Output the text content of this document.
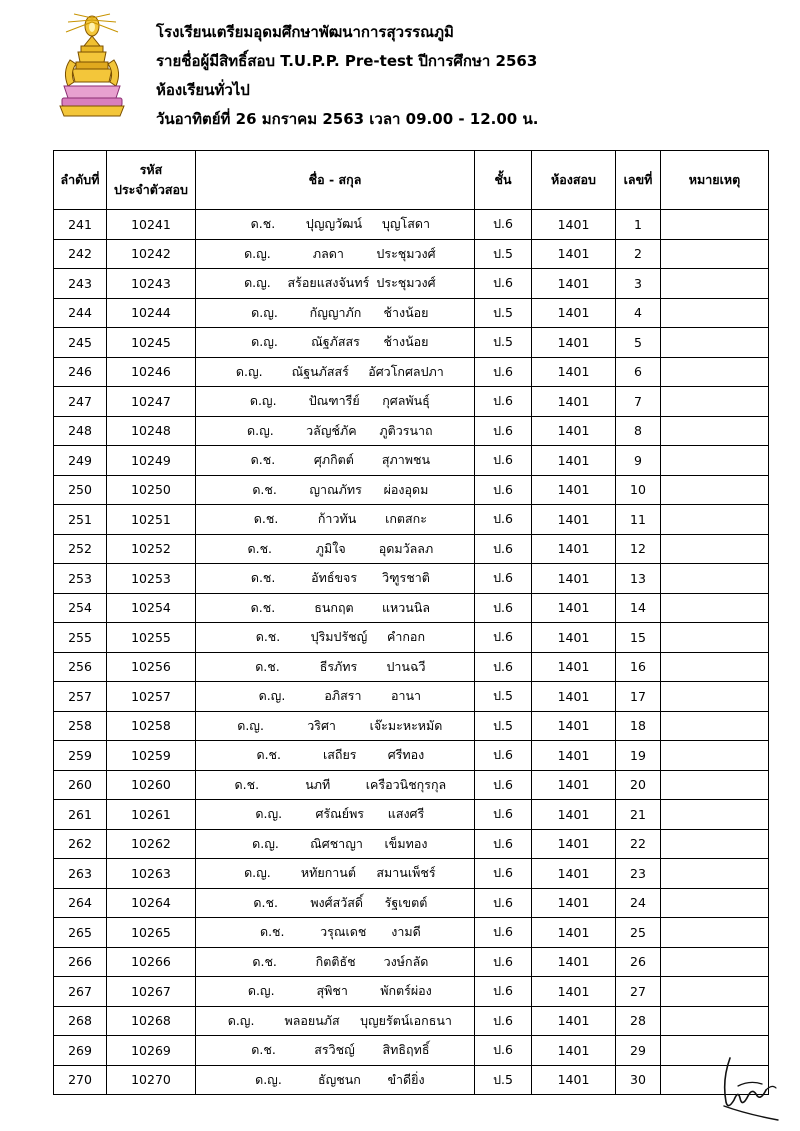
โรงเรียนเตรียมอุดมศึกษาพัฒนาการสุวรรณภูมิ
รายชื่อผู้มีสิทธิ์สอบ T.U.P.P. Pre-test ปีการศึกษา 2563
ห้องเรียนทั่วไป
วันอาทิตย์ที่ 26 มกราคม 2563 เวลา 09.00 - 12.00 น.
ลำดับที่	รหัส
ประจำตัวสอบ	ชื่อ - สกุล	ชั้น	ห้องสอบ	เลขที่	หมายเหตุ
241	10241	ด.ช. ปุญญวัฒน์ บุญโสดา	ป.6	1401	1	
242	10242	ด.ญ. ภลดา ประชุมวงศ์	ป.5	1401	2	
243	10243	ด.ญ. สร้อยแสงจันทร์ ประชุมวงศ์	ป.6	1401	3	
244	10244	ด.ญ. กัญญาภัก ช้างน้อย	ป.5	1401	4	
245	10245	ด.ญ. ณัฐภัสสร ช้างน้อย	ป.5	1401	5	
246	10246	ด.ญ. ณัฐนภัสสร์ อัศวโกศลปภา	ป.6	1401	6	
247	10247	ด.ญ. ปัณฑารีย์ กุศลพันธุ์	ป.6	1401	7	
248	10248	ด.ญ. วลัญช์ภัค ภูติวรนาถ	ป.6	1401	8	
249	10249	ด.ช. ศุภกิตต์ สุภาพชน	ป.6	1401	9	
250	10250	ด.ช. ญาณภัทร ผ่องอุดม	ป.6	1401	10	
251	10251	ด.ช. ก้าวทัน เกตสกะ	ป.6	1401	11	
252	10252	ด.ช. ภูมิใจ อุดมวัลลภ	ป.6	1401	12	
253	10253	ด.ช. อัทธ์ขจร วิฑูรชาติ	ป.6	1401	13	
254	10254	ด.ช. ธนกฤต แหวนนิล	ป.6	1401	14	
255	10255	ด.ช. ปุริมปรัชญ์ คำกอก	ป.6	1401	15	
256	10256	ด.ช. ธีรภัทร ปานฉวี	ป.6	1401	16	
257	10257	ด.ญ. อภิสรา อานา	ป.5	1401	17	
258	10258	ด.ญ. วริศา เจ๊ะมะหะหมัด	ป.5	1401	18	
259	10259	ด.ช. เสถียร ศรีทอง	ป.6	1401	19	
260	10260	ด.ช. นภที เครือวนิชกุรกุล	ป.6	1401	20	
261	10261	ด.ญ. ศรัณย์พร แสงศรี	ป.6	1401	21	
262	10262	ด.ญ. ณิศชาญา เข็มทอง	ป.6	1401	22	
263	10263	ด.ญ. หทัยกานต์ สมานเพ็ชร์	ป.6	1401	23	
264	10264	ด.ช. พงศ์สวัสดิ์ รัฐเขตต์	ป.6	1401	24	
265	10265	ด.ช. วรุณเดช งามดี	ป.6	1401	25	
266	10266	ด.ช. กิตติธัช วงษ์กลัด	ป.6	1401	26	
267	10267	ด.ญ. สุพิชา พักตร์ผ่อง	ป.6	1401	27	
268	10268	ด.ญ. พลอยนภัส บุญยรัตน์เอกธนา	ป.6	1401	28	
269	10269	ด.ช. สรวิชญ์ สิทธิฤทธิ์	ป.6	1401	29	
270	10270	ด.ญ. ธัญชนก ขำดียิ่ง	ป.5	1401	30	
